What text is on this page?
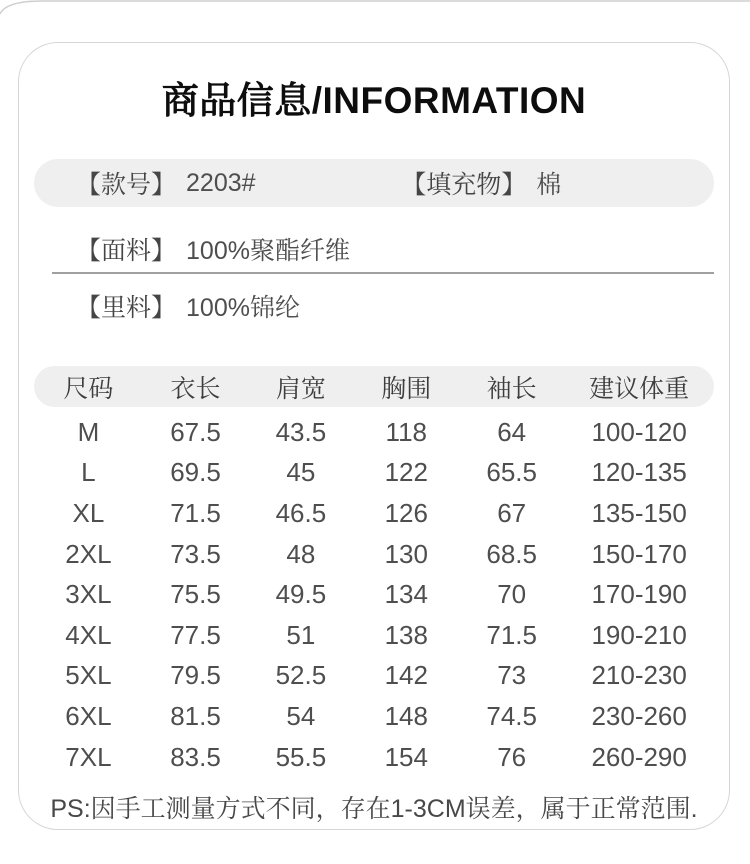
商品信息/INFORMATION
【款号】 2203#	【填充物】 棉
【面料】 100%聚酯纤维
【里料】 100%锦纶
尺码	衣长	肩宽	胸围	袖长	建议体重
M	67.5	43.5	118	64	100-120
L	69.5	45	122	65.5	120-135
XL	71.5	46.5	126	67	135-150
2XL	73.5	48	130	68.5	150-170
3XL	75.5	49.5	134	70	170-190
4XL	77.5	51	138	71.5	190-210
5XL	79.5	52.5	142	73	210-230
6XL	81.5	54	148	74.5	230-260
7XL	83.5	55.5	154	76	260-290
PS:因手工测量方式不同，存在1-3CM误差，属于正常范围.
